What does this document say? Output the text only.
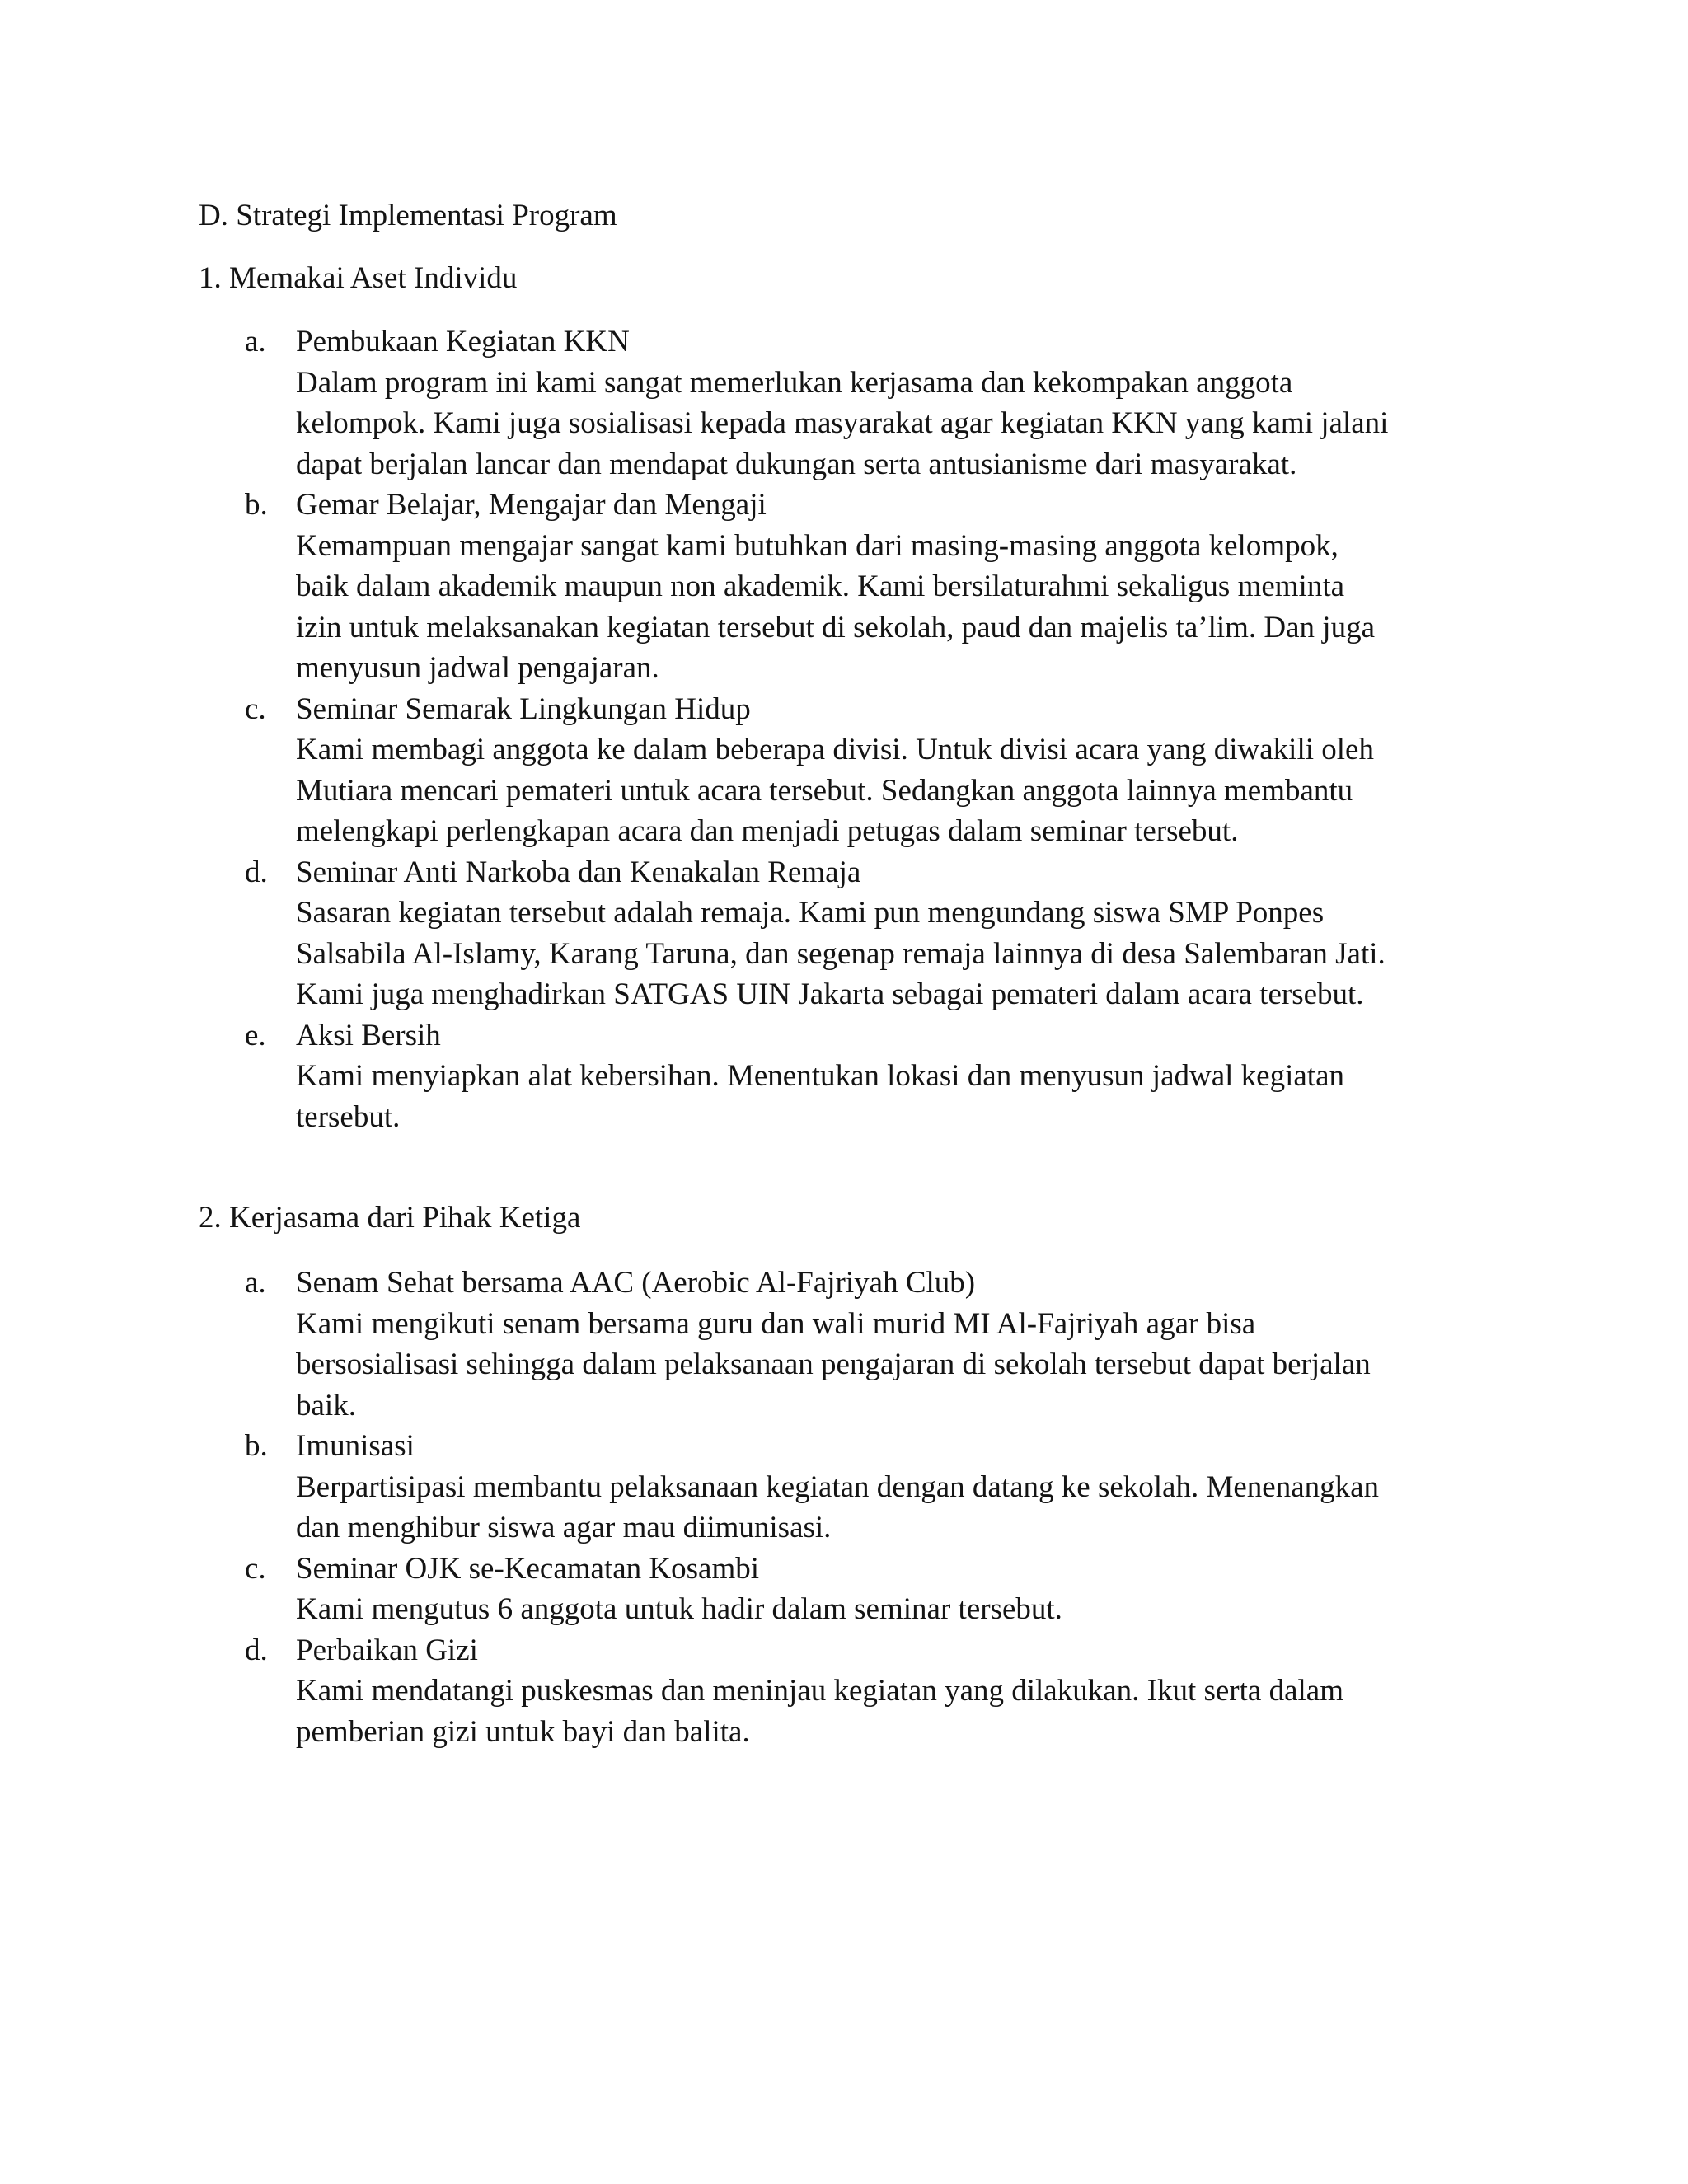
D. Strategi Implementasi Program
1. Memakai Aset Individu
a. Pembukaan Kegiatan KKN
Dalam program ini kami sangat memerlukan kerjasama dan kekompakan anggota
kelompok. Kami juga sosialisasi kepada masyarakat agar kegiatan KKN yang kami jalani
dapat berjalan lancar dan mendapat dukungan serta antusianisme dari masyarakat.
b. Gemar Belajar, Mengajar dan Mengaji
Kemampuan mengajar sangat kami butuhkan dari masing-masing anggota kelompok,
baik dalam akademik maupun non akademik. Kami bersilaturahmi sekaligus meminta
izin untuk melaksanakan kegiatan tersebut di sekolah, paud dan majelis ta’lim. Dan juga
menyusun jadwal pengajaran.
c. Seminar Semarak Lingkungan Hidup
Kami membagi anggota ke dalam beberapa divisi. Untuk divisi acara yang diwakili oleh
Mutiara mencari pemateri untuk acara tersebut. Sedangkan anggota lainnya membantu
melengkapi perlengkapan acara dan menjadi petugas dalam seminar tersebut.
d. Seminar Anti Narkoba dan Kenakalan Remaja
Sasaran kegiatan tersebut adalah remaja. Kami pun mengundang siswa SMP Ponpes
Salsabila Al-Islamy, Karang Taruna, dan segenap remaja lainnya di desa Salembaran Jati.
Kami juga menghadirkan SATGAS UIN Jakarta sebagai pemateri dalam acara tersebut.
e. Aksi Bersih
Kami menyiapkan alat kebersihan. Menentukan lokasi dan menyusun jadwal kegiatan
tersebut.
2. Kerjasama dari Pihak Ketiga
a. Senam Sehat bersama AAC (Aerobic Al-Fajriyah Club)
Kami mengikuti senam bersama guru dan wali murid MI Al-Fajriyah agar bisa
bersosialisasi sehingga dalam pelaksanaan pengajaran di sekolah tersebut dapat berjalan
baik.
b. Imunisasi
Berpartisipasi membantu pelaksanaan kegiatan dengan datang ke sekolah. Menenangkan
dan menghibur siswa agar mau diimunisasi.
c. Seminar OJK se-Kecamatan Kosambi
Kami mengutus 6 anggota untuk hadir dalam seminar tersebut.
d. Perbaikan Gizi
Kami mendatangi puskesmas dan meninjau kegiatan yang dilakukan. Ikut serta dalam
pemberian gizi untuk bayi dan balita.
